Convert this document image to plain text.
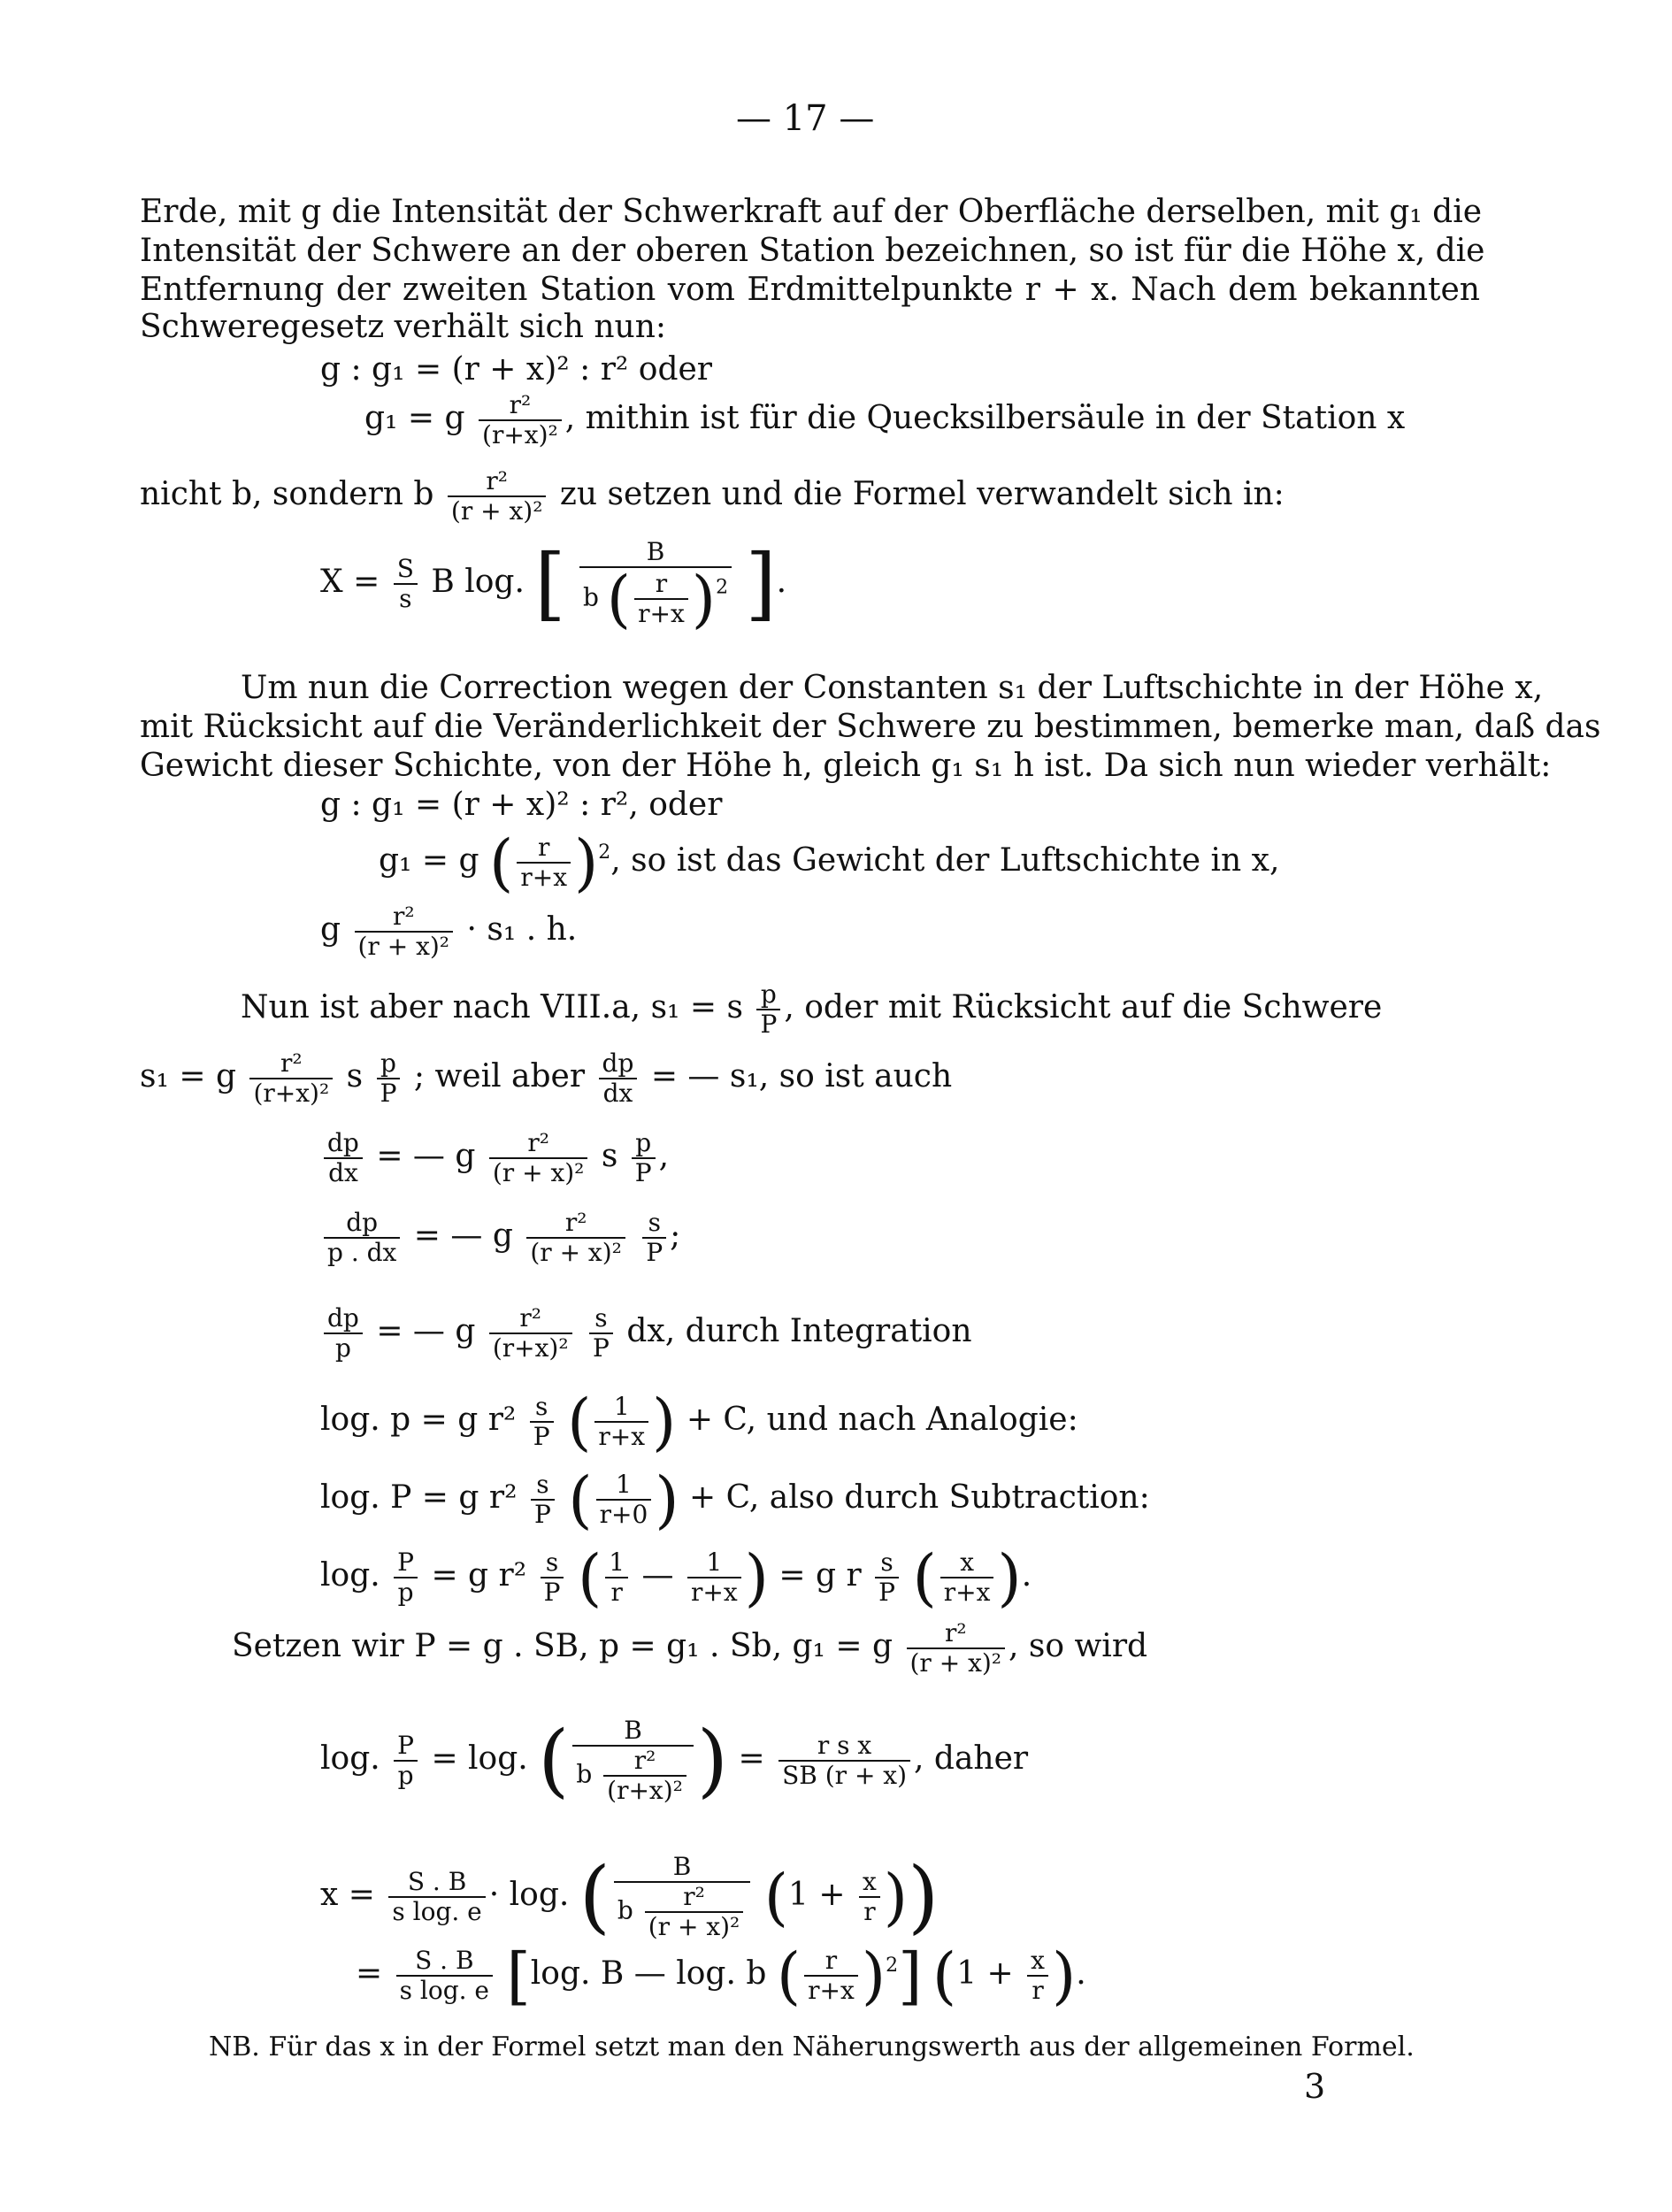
— 17 —
Erde, mit g die Intensität der Schwerkraft auf der Oberfläche derselben, mit g₁ die
Intensität der Schwere an der oberen Station bezeichnen, so ist für die Höhe x, die
Entfernung der zweiten Station vom Erdmittelpunkte r + x. Nach dem bekannten
Schweregesetz verhält sich nun:
g : g₁ = (r + x)² : r² oder
g₁ = g $\frac{\text{r²}}{\text{(r+x)²}}$ , mithin ist für die Quecksilbersäule in der Station x
nicht b, sondern b $\frac{\text{r²}}{\text{(r + x)²}}$ zu setzen und die Formel verwandelt sich in:
$X = \frac{S}{s}$ B log. [ $\frac{B}{b ( \frac{r}{r+x} )^2}$ ].
Um nun die Correction wegen der Constanten s₁ der Luftschichte in der Höhe x,
mit Rücksicht auf die Veränderlichkeit der Schwere zu bestimmen, bemerke man, daß das
Gewicht dieser Schichte, von der Höhe h, gleich g₁ s₁ h ist. Da sich nun wieder verhält:
g : g₁ = (r + x)² : r², oder
g₁ = g ( $\frac{r}{r+x} )^2$, so ist das Gewicht der Luftschichte in x,
g $\frac{\text{r²}}{\text{(r + x)²}} \cdot s_1$ . h.
Nun ist aber nach VIII.a, s₁ = s $\frac{p}{P}$ , oder mit Rücksicht auf die Schwere
s₁ = g $\frac{\text{r²}}{\text{(r+x)²}}$ s $\frac{p}{P}$ ; weil aber $\frac{dp}{dx}$ = — s₁, so ist auch
$\frac{dp}{dx}$ = — g $\frac{\text{r²}}{\text{(r + x)²}}$ s $\frac{p}{P}$ ,
$\frac{dp}{p . dx}$ = — g $\frac{\text{r²}}{\text{(r + x)²}}$
$\frac{s}{P}$ ;
$\frac{dp}{p}$ = — g $\frac{\text{r²}}{\text{(r+x)²}}$
$\frac{s}{P}$ dx, durch Integration
log. p = g $r^2 \frac{s}{P}$ ( $\frac{1}{r+x}$ ) + C, und nach Analogie:
log. P = g $r^2 \frac{s}{P}$ ( $\frac{1}{r+0}$ ) + C, also durch Subtraction:
log. $\frac{P}{p} = g$ $r^2 \frac{s}{P}$ ( $\frac{1}{r}$ — $\frac{1}{r+x}$ ) = g r $\frac{s}{P}$ ( $\frac{x}{r+x}$ ).
Setzen wir P = g . SB, p = g₁ . Sb, g₁ = g $\frac{\text{r²}}{\text{(r + x)²}}$ , so wird
log. $\frac{P}{p} = \log$. ( $\frac{B}{b \frac{\text{r²}}{\text{(r+x)²}}}$ ) = $\frac{\text{r s x}}{SB (r + x)}$ , daher
$x = \frac{S . B}{\text{s log. e}} \cdot \log$. ( $\frac{B}{b \frac{\text{r²}}{\text{(r + x)²}}} (1 + \frac{x}{r}$ ))
= $\frac{S . B}{\text{s log. e}} [\log$. B — log. b ( $\frac{r}{r+x} )^2$] ($1 + \frac{x}{r}$ ).
NB. Für das x in der Formel setzt man den Näherungswerth aus der allgemeinen Formel.
3
